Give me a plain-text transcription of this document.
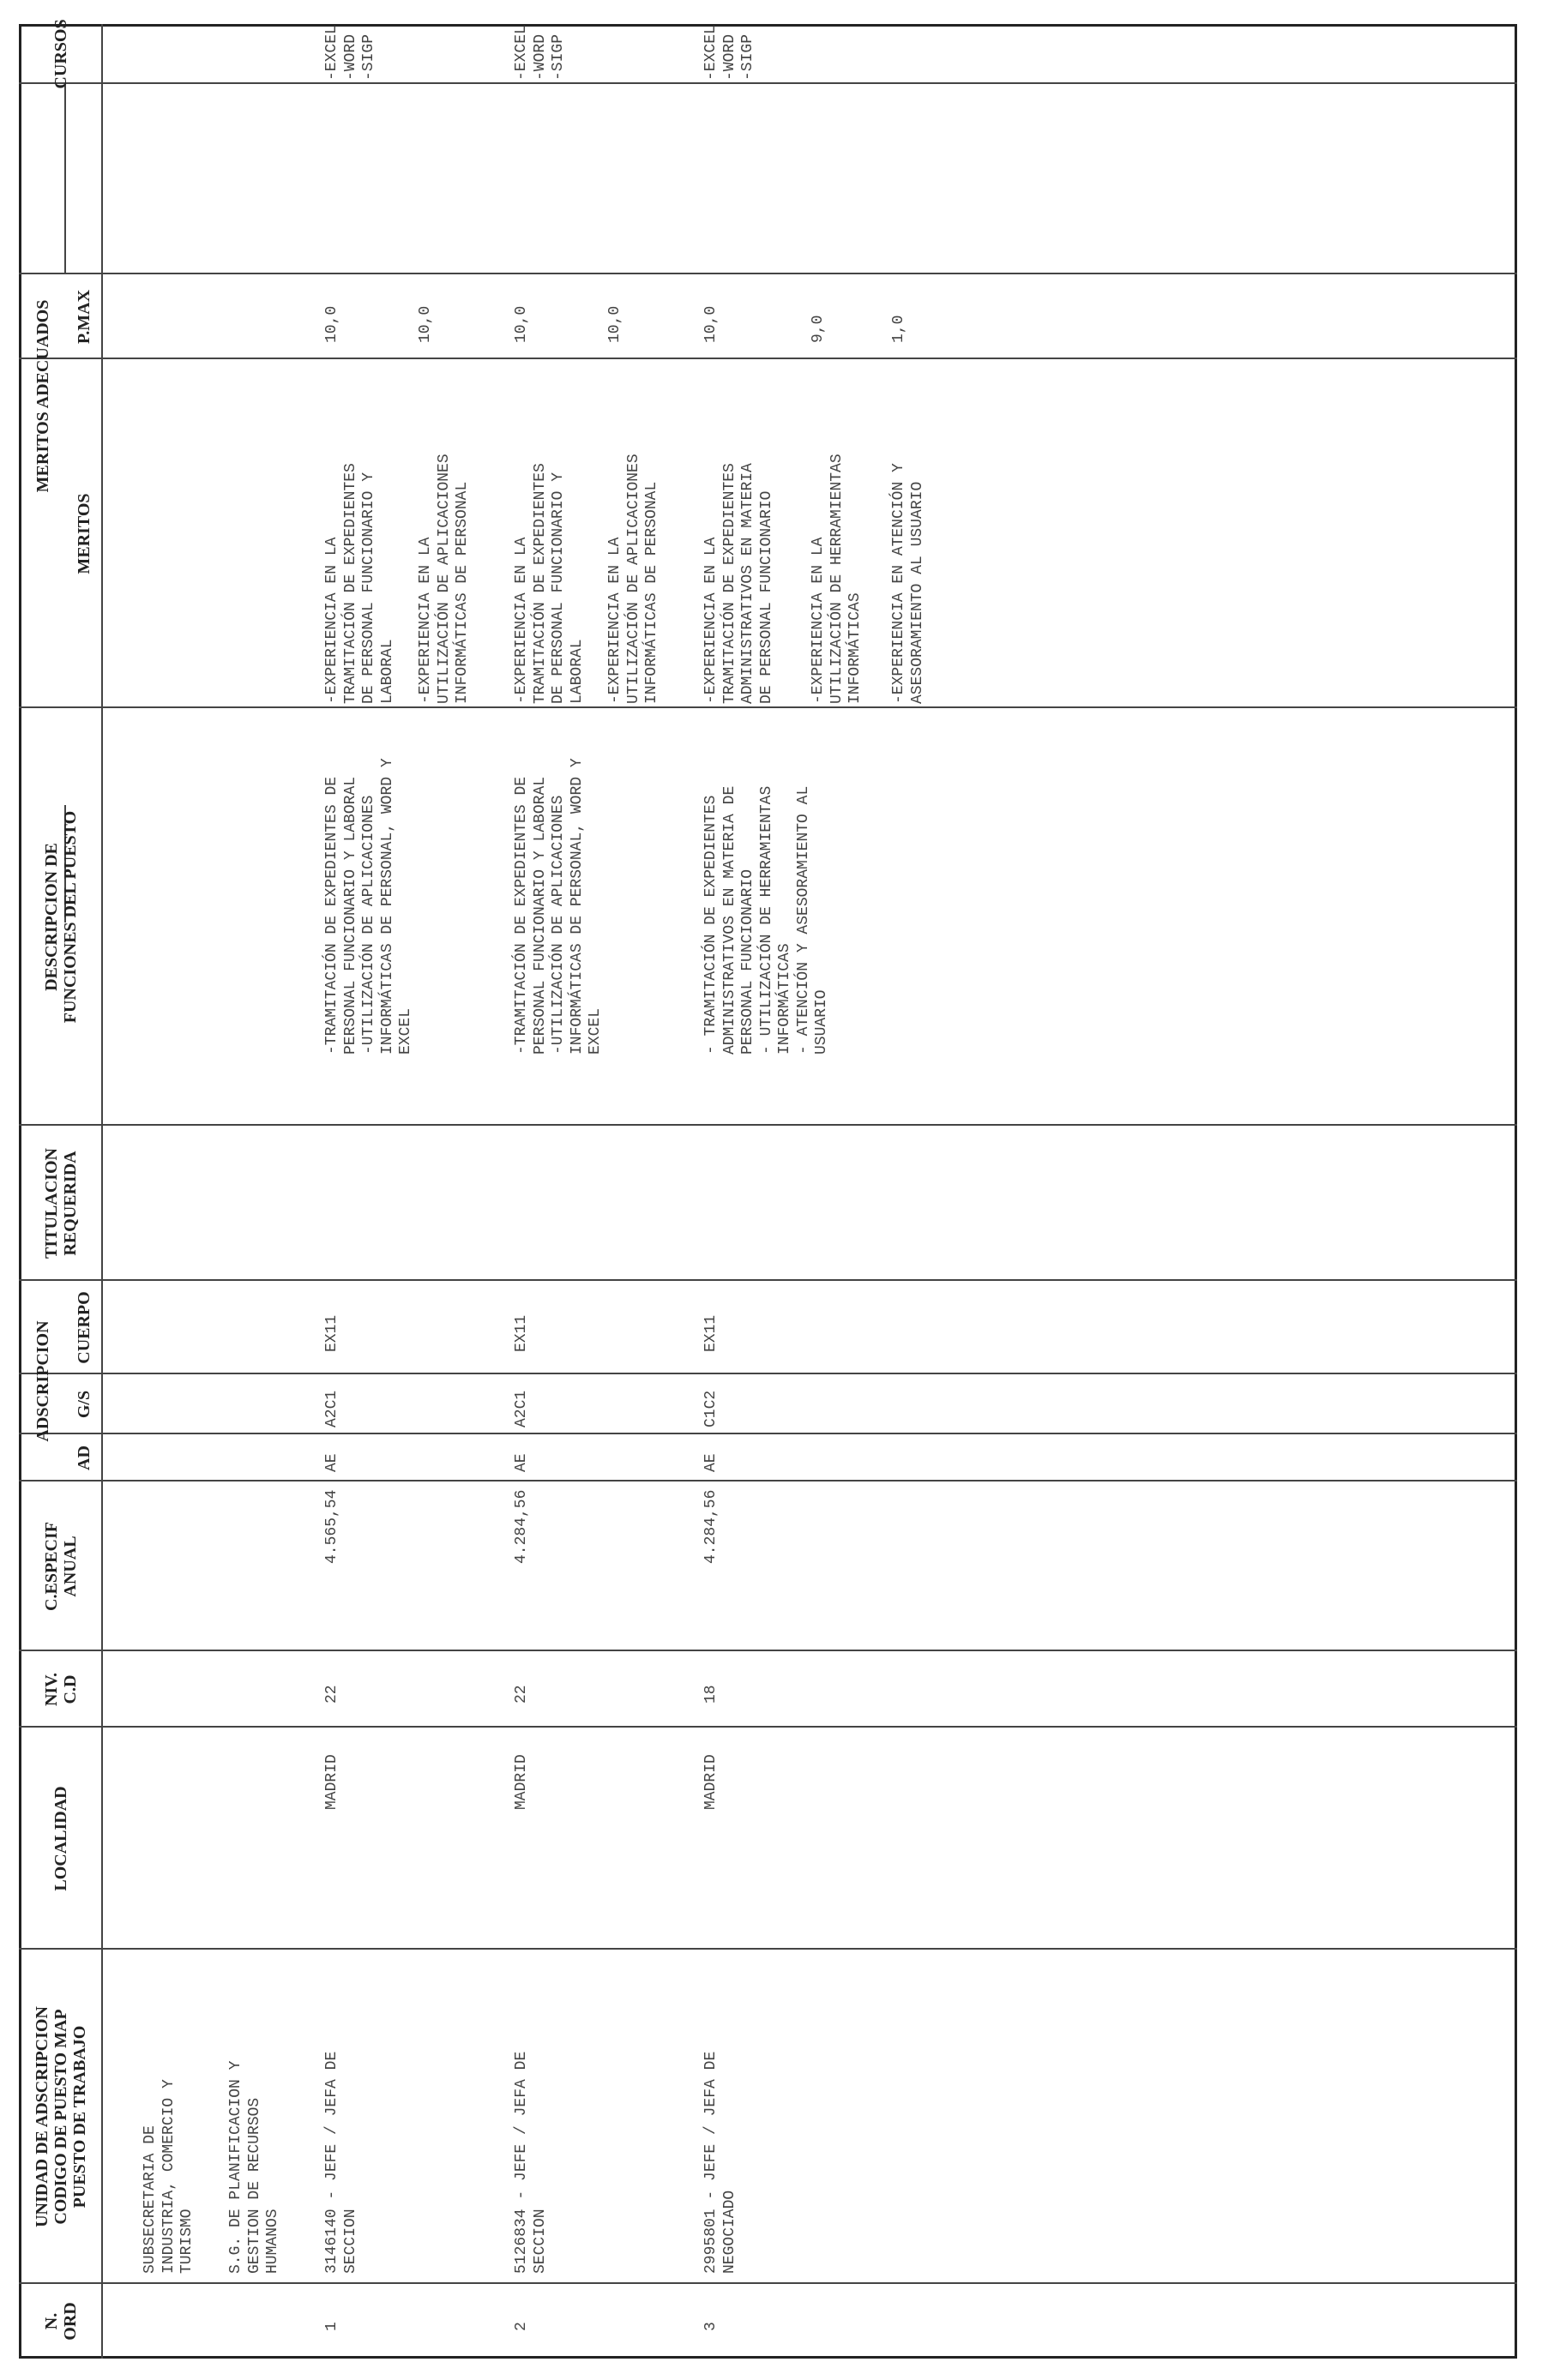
N.
ORD
UNIDAD DE ADSCRIPCION
CODIGO DE PUESTO MAP
PUESTO DE TRABAJO
LOCALIDAD
NIV.
C.D
C.ESPECIF
ANUAL
ADSCRIPCION
AD
G/S
CUERPO
TITULACION
REQUERIDA
DESCRIPCION DE
FUNCIONES DEL PUESTO
MERITOS ADECUADOS
MERITOS
P.MAX
CURSOS
SUBSECRETARIA DE
INDUSTRIA, COMERCIO Y
TURISMO S.G. DE PLANIFICACION Y
GESTION DE RECURSOS
HUMANOS
1
3146140 - JEFE / JEFA DE
SECCION
MADRID
22
4.565,54
AE
A2C1
EX11
-TRAMITACIÓN DE EXPEDIENTES DE
PERSONAL FUNCIONARIO Y LABORAL
-UTILIZACIÓN DE APLICACIONES
INFORMÁTICAS DE PERSONAL, WORD Y
EXCEL
-EXPERIENCIA EN LA
TRAMITACIÓN DE EXPEDIENTES
DE PERSONAL FUNCIONARIO Y
LABORAL
10,0
-EXPERIENCIA EN LA
UTILIZACIÓN DE APLICACIONES
INFORMÁTICAS DE PERSONAL
10,0
-EXCEL
-WORD
-SIGP
2
5126834 - JEFE / JEFA DE
SECCION
MADRID
22
4.284,56
AE
A2C1
EX11
-TRAMITACIÓN DE EXPEDIENTES DE
PERSONAL FUNCIONARIO Y LABORAL
-UTILIZACIÓN DE APLICACIONES
INFORMÁTICAS DE PERSONAL, WORD Y
EXCEL
-EXPERIENCIA EN LA
TRAMITACIÓN DE EXPEDIENTES
DE PERSONAL FUNCIONARIO Y
LABORAL
10,0
-EXPERIENCIA EN LA
UTILIZACIÓN DE APLICACIONES
INFORMÁTICAS DE PERSONAL
10,0
-EXCEL
-WORD
-SIGP
3
2995801 - JEFE / JEFA DE
NEGOCIADO
MADRID
18
4.284,56
AE
C1C2
EX11
- TRAMITACIÓN DE EXPEDIENTES
ADMINISTRATIVOS EN MATERIA DE
PERSONAL FUNCIONARIO
- UTILIZACIÓN DE HERRAMIENTAS
INFORMÁTICAS
- ATENCIÓN Y ASESORAMIENTO AL
USUARIO
-EXPERIENCIA EN LA
TRAMITACIÓN DE EXPEDIENTES
ADMINISTRATIVOS EN MATERIA
DE PERSONAL FUNCIONARIO
10,0
-EXPERIENCIA EN LA
UTILIZACIÓN DE HERRAMIENTAS
INFORMÁTICAS
9,0
-EXPERIENCIA EN ATENCIÓN Y
ASESORAMIENTO AL USUARIO
1,0
-EXCEL
-WORD
-SIGP
